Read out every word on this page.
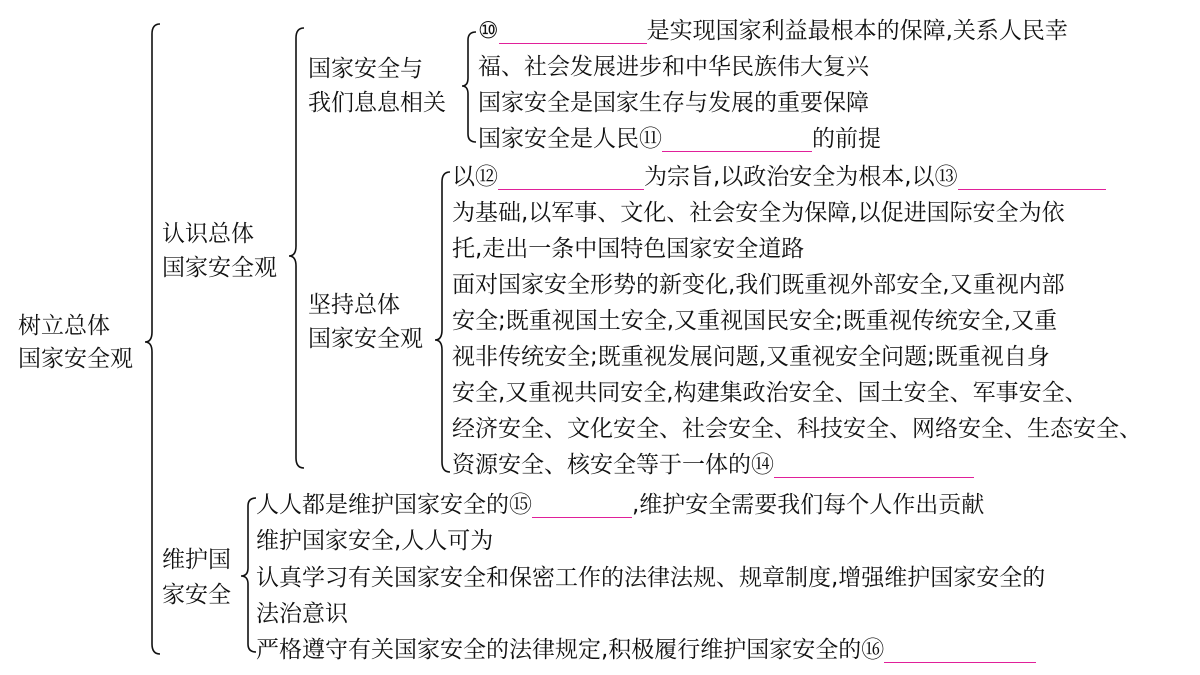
树立总体
国家安全观
认识总体
国家安全观
国家安全与
我们息息相关
⑩	是实现国家利益最根本的保障,关系人民幸
福、社会发展进步和中华民族伟大复兴
国家安全是国家生存与发展的重要保障
国家安全是人民⑪	的前提
坚持总体
国家安全观
以⑫	为宗旨,以政治安全为根本,以⑬
为基础,以军事、文化、社会安全为保障,以促进国际安全为依
托,走出一条中国特色国家安全道路
面对国家安全形势的新变化,我们既重视外部安全,又重视内部
安全;既重视国土安全,又重视国民安全;既重视传统安全,又重
视非传统安全;既重视发展问题,又重视安全问题;既重视自身
安全,又重视共同安全,构建集政治安全、国土安全、军事安全、
经济安全、文化安全、社会安全、科技安全、网络安全、生态安全、
资源安全、核安全等于一体的⑭
维护国
家安全
人人都是维护国家安全的⑮	,维护安全需要我们每个人作出贡献
维护国家安全,人人可为
认真学习有关国家安全和保密工作的法律法规、规章制度,增强维护国家安全的
法治意识
严格遵守有关国家安全的法律规定,积极履行维护国家安全的⑯
